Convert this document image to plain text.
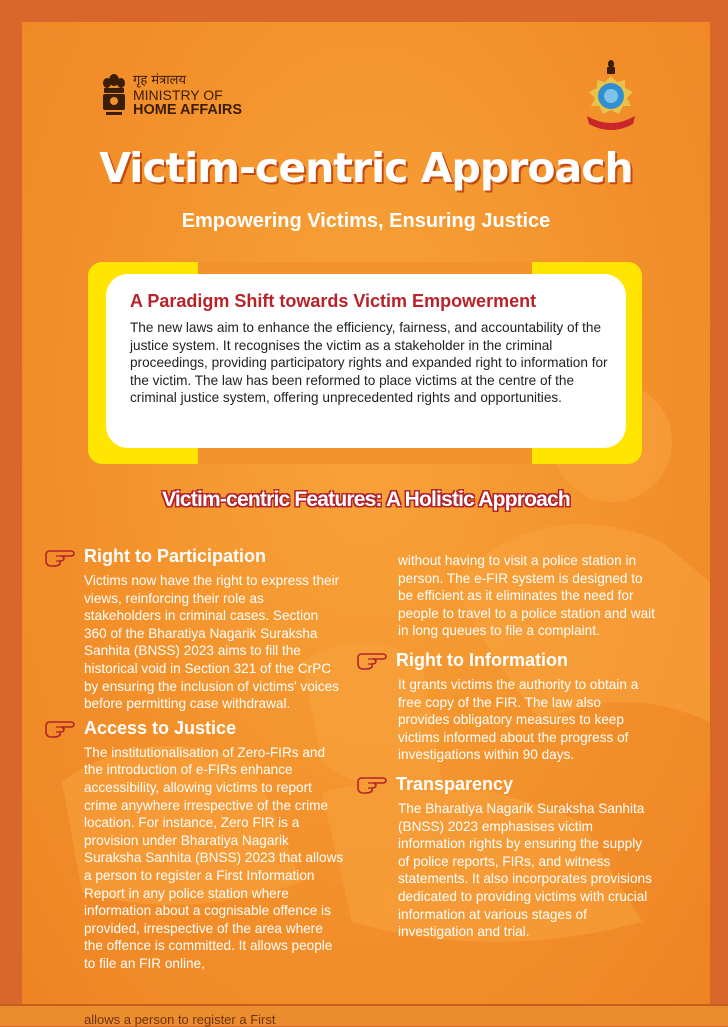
गृह मंत्रालय
MINISTRY OF
HOME AFFAIRS
Victim-centric Approach
Empowering Victims, Ensuring Justice
A Paradigm Shift towards Victim Empowerment
The new laws aim to enhance the efficiency, fairness, and accountability of the justice system. It recognises the victim as a stakeholder in the criminal proceedings, providing participatory rights and expanded right to information for the victim. The law has been reformed to place victims at the centre of the criminal justice system, offering unprecedented rights and opportunities.
Victim-centric Features: A Holistic Approach
Right to Participation
Victims now have the right to express their views, reinforcing their role as stakeholders in criminal cases. Section 360 of the Bharatiya Nagarik Suraksha Sanhita (BNSS) 2023 aims to fill the historical void in Section 321 of the CrPC by ensuring the inclusion of victims' voices before permitting case withdrawal.
Access to Justice
The institutionalisation of Zero-FIRs and the introduction of e-FIRs enhance accessibility, allowing victims to report crime anywhere irrespective of the crime location. For instance, Zero FIR is a provision under Bharatiya Nagarik Suraksha Sanhita (BNSS) 2023 that allows a person to register a First Information Report in any police station where information about a cognisable offence is provided, irrespective of the area where the offence is committed. It allows people to file an FIR online,
without having to visit a police station in person. The e-FIR system is designed to be efficient as it eliminates the need for people to travel to a police station and wait in long queues to file a complaint.
Right to Information
It grants victims the authority to obtain a free copy of the FIR. The law also provides obligatory measures to keep victims informed about the progress of investigations within 90 days.
Transparency
The Bharatiya Nagarik Suraksha Sanhita (BNSS) 2023 emphasises victim information rights by ensuring the supply of police reports, FIRs, and witness statements. It also incorporates provisions dedicated to providing victims with crucial information at various stages of investigation and trial.
allows a person to register a First
